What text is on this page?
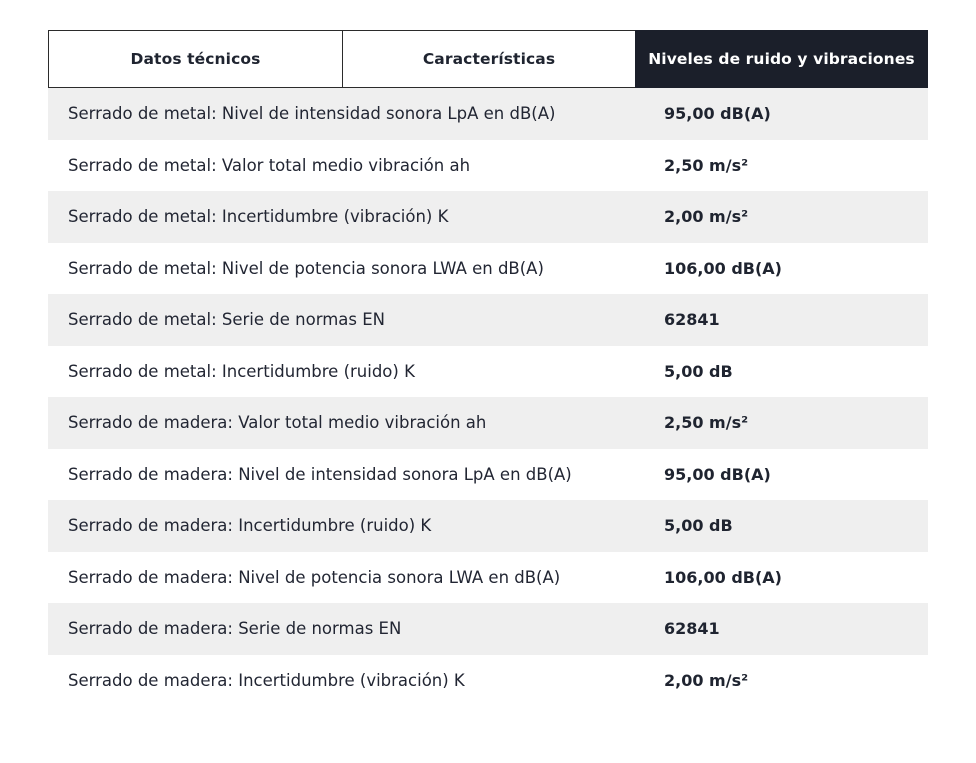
Datos técnicos	Características	Niveles de ruido y vibraciones
Serrado de metal: Nivel de intensidad sonora LpA en dB(A)	95,00 dB(A)
Serrado de metal: Valor total medio vibración ah	2,50 m/s²
Serrado de metal: Incertidumbre (vibración) K	2,00 m/s²
Serrado de metal: Nivel de potencia sonora LWA en dB(A)	106,00 dB(A)
Serrado de metal: Serie de normas EN	62841
Serrado de metal: Incertidumbre (ruido) K	5,00 dB
Serrado de madera: Valor total medio vibración ah	2,50 m/s²
Serrado de madera: Nivel de intensidad sonora LpA en dB(A)	95,00 dB(A)
Serrado de madera: Incertidumbre (ruido) K	5,00 dB
Serrado de madera: Nivel de potencia sonora LWA en dB(A)	106,00 dB(A)
Serrado de madera: Serie de normas EN	62841
Serrado de madera: Incertidumbre (vibración) K	2,00 m/s²
